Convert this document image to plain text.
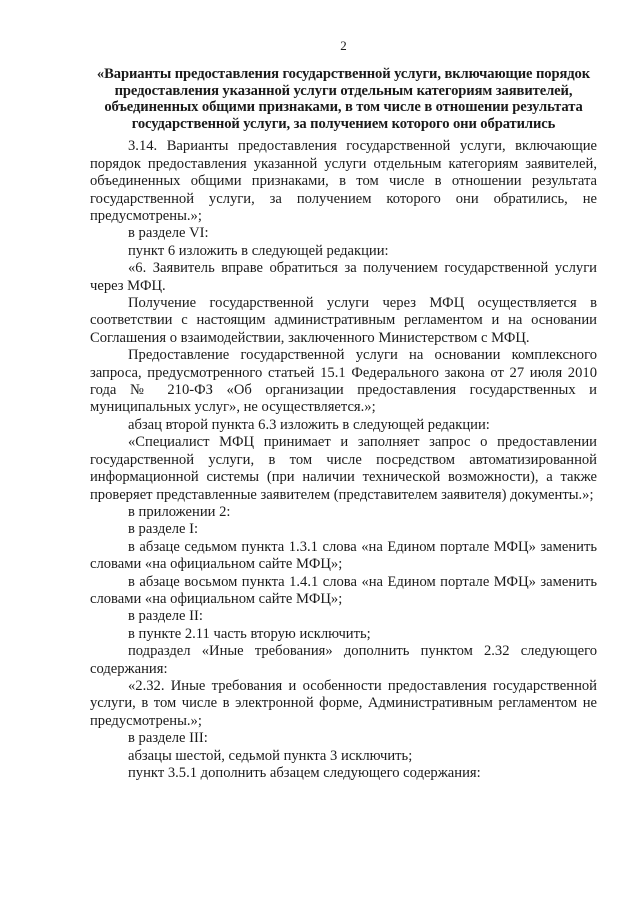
2
«Варианты предоставления государственной услуги, включающие порядок предоставления указанной услуги отдельным категориям заявителей, объединенных общими признаками, в том числе в отношении результата государственной услуги, за получением которого они обратились

3.14. Варианты предоставления государственной услуги, включающие порядок предоставления указанной услуги отдельным категориям заявителей, объединенных общими признаками, в том числе в отношении результата государственной услуги, за получением которого они обратились, не предусмотрены.»;

в разделе VI:

пункт 6 изложить в следующей редакции:

«6. Заявитель вправе обратиться за получением государственной услуги через МФЦ.

Получение государственной услуги через МФЦ осуществляется в соответствии с настоящим административным регламентом и на основании Соглашения о взаимодействии, заключенного Министерством с МФЦ.

Предоставление государственной услуги на основании комплексного запроса, предусмотренного статьей 15.1 Федерального закона от 27 июля 2010 года № 210-ФЗ «Об организации предоставления государственных и муниципальных услуг», не осуществляется.»;

абзац второй пункта 6.3 изложить в следующей редакции:

«Специалист МФЦ принимает и заполняет запрос о предоставлении государственной услуги, в том числе посредством автоматизированной информационной системы (при наличии технической возможности), а также проверяет представленные заявителем (представителем заявителя) документы.»;

в приложении 2:

в разделе I:

в абзаце седьмом пункта 1.3.1 слова «на Едином портале МФЦ» заменить словами «на официальном сайте МФЦ»;

в абзаце восьмом пункта 1.4.1 слова «на Едином портале МФЦ» заменить словами «на официальном сайте МФЦ»;

в разделе II:

в пункте 2.11 часть вторую исключить;

подраздел «Иные требования» дополнить пунктом 2.32 следующего содержания:

«2.32. Иные требования и особенности предоставления государственной услуги, в том числе в электронной форме, Административным регламентом не предусмотрены.»;

в разделе III:

абзацы шестой, седьмой пункта 3 исключить;

пункт 3.5.1 дополнить абзацем следующего содержания:
